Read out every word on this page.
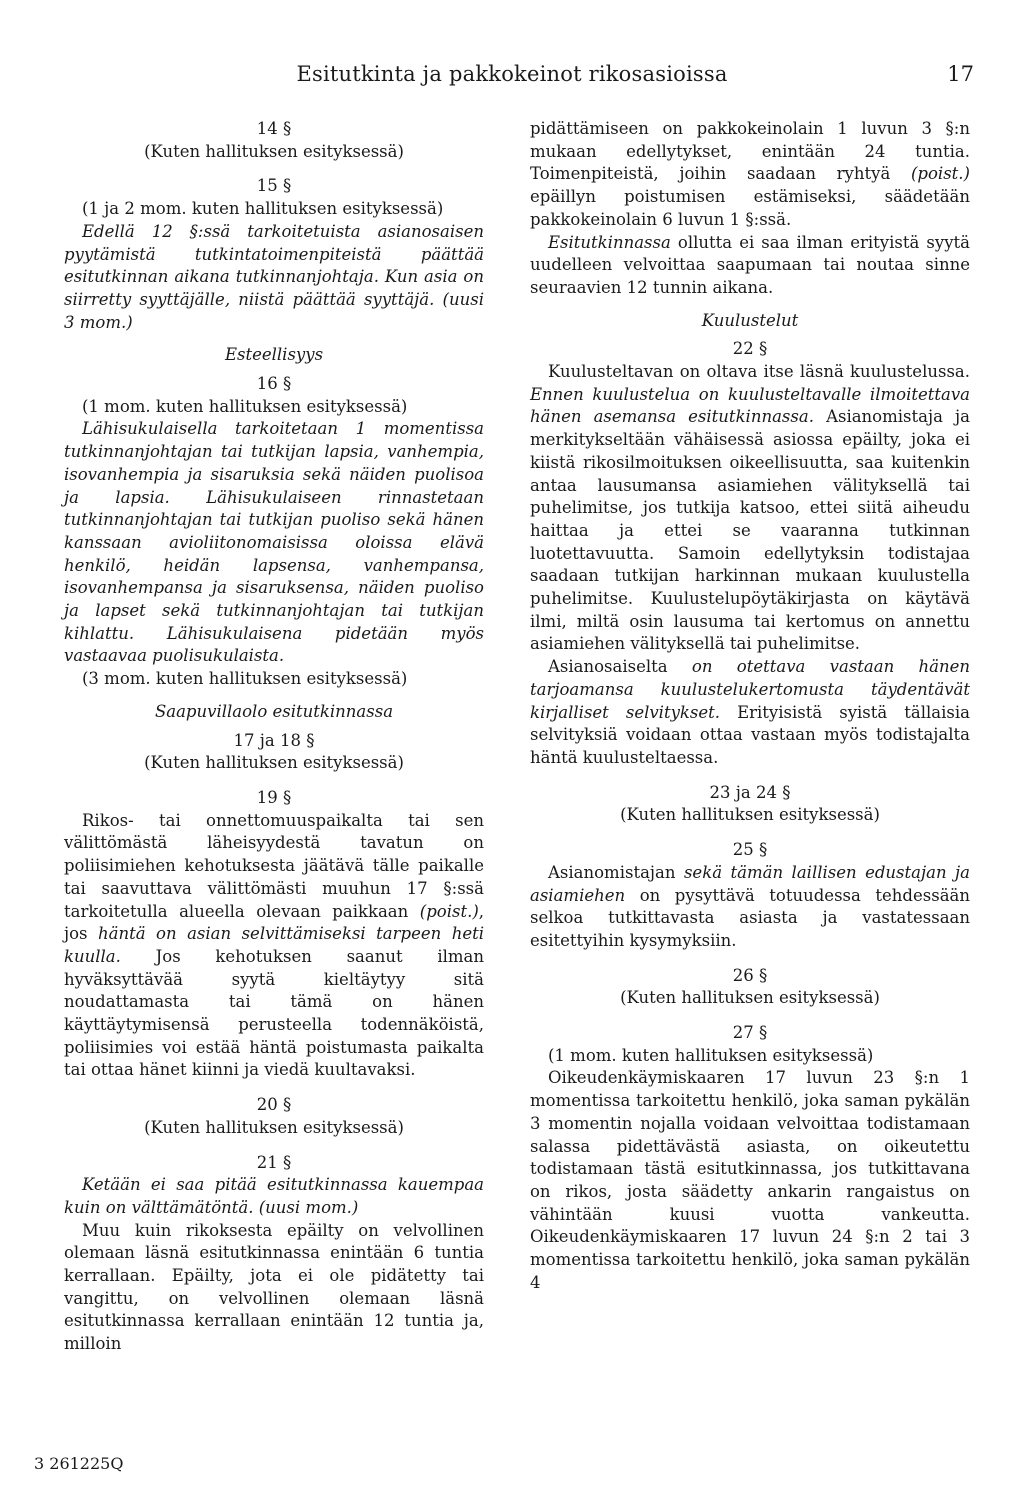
Esitutkinta ja pakkokeinot rikosasioissa	17

14 §

(Kuten hallituksen esityksessä)

15 §

(1 ja 2 mom. kuten hallituksen esityksessä)

Edellä 12 §:ssä tarkoitetuista asianosaisen pyytämistä tutkintatoimenpiteistä päättää esitutkinnan aikana tutkinnanjohtaja. Kun asia on siirretty syyttäjälle, niistä päättää syyttäjä. (uusi 3 mom.)

Esteellisyys

16 §

(1 mom. kuten hallituksen esityksessä)

Lähisukulaisella tarkoitetaan 1 momentissa tutkinnanjohtajan tai tutkijan lapsia, vanhempia, isovanhempia ja sisaruksia sekä näiden puolisoa ja lapsia. Lähisukulaiseen rinnastetaan tutkinnanjohtajan tai tutkijan puoliso sekä hänen kanssaan avioliitonomaisissa oloissa elävä henkilö, heidän lapsensa, vanhempansa, isovanhempansa ja sisaruksensa, näiden puoliso ja lapset sekä tutkinnanjohtajan tai tutkijan kihlattu. Lähisukulaisena pidetään myös vastaavaa puolisukulaista.

(3 mom. kuten hallituksen esityksessä)

Saapuvillaolo esitutkinnassa

17 ja 18 §

(Kuten hallituksen esityksessä)

19 §

Rikos- tai onnettomuuspaikalta tai sen välittömästä läheisyydestä tavatun on poliisimiehen kehotuksesta jäätävä tälle paikalle tai saavuttava välittömästi muuhun 17 §:ssä tarkoitetulla alueella olevaan paikkaan (poist.), jos häntä on asian selvittämiseksi tarpeen heti kuulla. Jos kehotuksen saanut ilman hyväksyttävää syytä kieltäytyy sitä noudattamasta tai tämä on hänen käyttäytymisensä perusteella todennäköistä, poliisimies voi estää häntä poistumasta paikalta tai ottaa hänet kiinni ja viedä kuultavaksi.

20 §

(Kuten hallituksen esityksessä)

21 §

Ketään ei saa pitää esitutkinnassa kauempaa kuin on välttämätöntä. (uusi mom.)

Muu kuin rikoksesta epäilty on velvollinen olemaan läsnä esitutkinnassa enintään 6 tuntia kerrallaan. Epäilty, jota ei ole pidätetty tai vangittu, on velvollinen olemaan läsnä esitutkinnassa kerrallaan enintään 12 tuntia ja, milloin

pidättämiseen on pakkokeinolain 1 luvun 3 §:n mukaan edellytykset, enintään 24 tuntia. Toimenpiteistä, joihin saadaan ryhtyä (poist.) epäillyn poistumisen estämiseksi, säädetään pakkokeinolain 6 luvun 1 §:ssä.

Esitutkinnassa ollutta ei saa ilman erityistä syytä uudelleen velvoittaa saapumaan tai noutaa sinne seuraavien 12 tunnin aikana.

Kuulustelut

22 §

Kuulusteltavan on oltava itse läsnä kuulustelussa. Ennen kuulustelua on kuulusteltavalle ilmoitettava hänen asemansa esitutkinnassa. Asianomistaja ja merkitykseltään vähäisessä asiossa epäilty, joka ei kiistä rikosilmoituksen oikeellisuutta, saa kuitenkin antaa lausumansa asiamiehen välityksellä tai puhelimitse, jos tutkija katsoo, ettei siitä aiheudu haittaa ja ettei se vaaranna tutkinnan luotettavuutta. Samoin edellytyksin todistajaa saadaan tutkijan harkinnan mukaan kuulustella puhelimitse. Kuulustelupöytäkirjasta on käytävä ilmi, miltä osin lausuma tai kertomus on annettu asiamiehen välityksellä tai puhelimitse.

Asianosaiselta on otettava vastaan hänen tarjoamansa kuulustelukertomusta täydentävät kirjalliset selvitykset. Erityisistä syistä tällaisia selvityksiä voidaan ottaa vastaan myös todistajalta häntä kuulusteltaessa.

23 ja 24 §

(Kuten hallituksen esityksessä)

25 §

Asianomistajan sekä tämän laillisen edustajan ja asiamiehen on pysyttävä totuudessa tehdessään selkoa tutkittavasta asiasta ja vastatessaan esitettyihin kysymyksiin.

26 §

(Kuten hallituksen esityksessä)

27 §

(1 mom. kuten hallituksen esityksessä)

Oikeudenkäymiskaaren 17 luvun 23 §:n 1 momentissa tarkoitettu henkilö, joka saman pykälän 3 momentin nojalla voidaan velvoittaa todistamaan salassa pidettävästä asiasta, on oikeutettu todistamaan tästä esitutkinnassa, jos tutkittavana on rikos, josta säädetty ankarin rangaistus on vähintään kuusi vuotta vankeutta. Oikeudenkäymiskaaren 17 luvun 24 §:n 2 tai 3 momentissa tarkoitettu henkilö, joka saman pykälän 4

3 261225Q
